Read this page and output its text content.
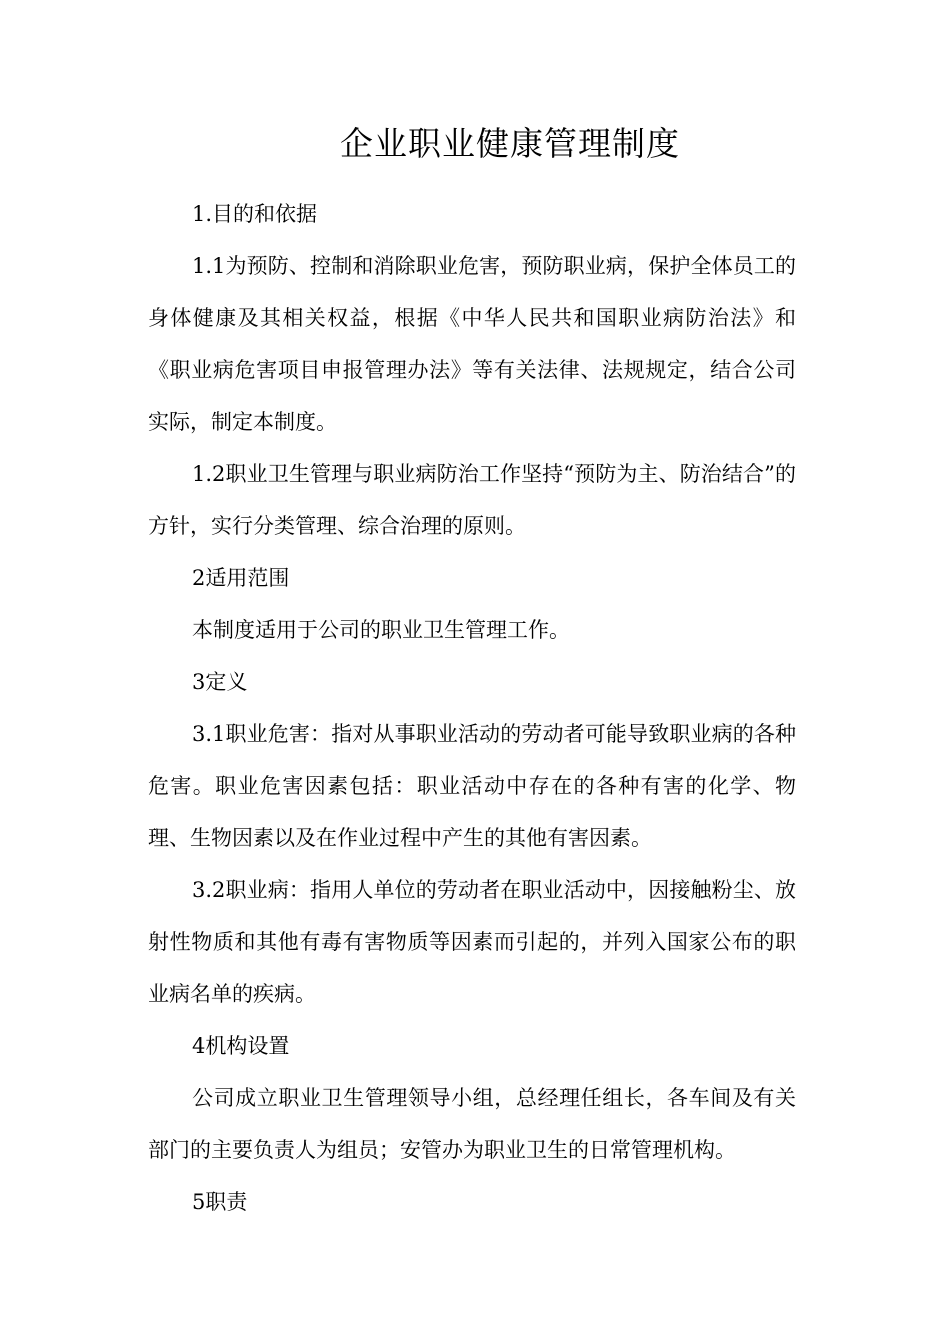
企业职业健康管理制度

1.目的和依据

1.1为预防、控制和消除职业危害，预防职业病，保护全体员工的身体健康及其相关权益，根据《中华人民共和国职业病防治法》和《职业病危害项目申报管理办法》等有关法律、法规规定，结合公司实际，制定本制度。

1.2职业卫生管理与职业病防治工作坚持“预防为主、防治结合”的方针，实行分类管理、综合治理的原则。

2适用范围

本制度适用于公司的职业卫生管理工作。

3定义

3.1职业危害：指对从事职业活动的劳动者可能导致职业病的各种危害。职业危害因素包括：职业活动中存在的各种有害的化学、物理、生物因素以及在作业过程中产生的其他有害因素。

3.2职业病：指用人单位的劳动者在职业活动中，因接触粉尘、放射性物质和其他有毒有害物质等因素而引起的，并列入国家公布的职业病名单的疾病。

4机构设置

公司成立职业卫生管理领导小组，总经理任组长，各车间及有关部门的主要负责人为组员；安管办为职业卫生的日常管理机构。

5职责
